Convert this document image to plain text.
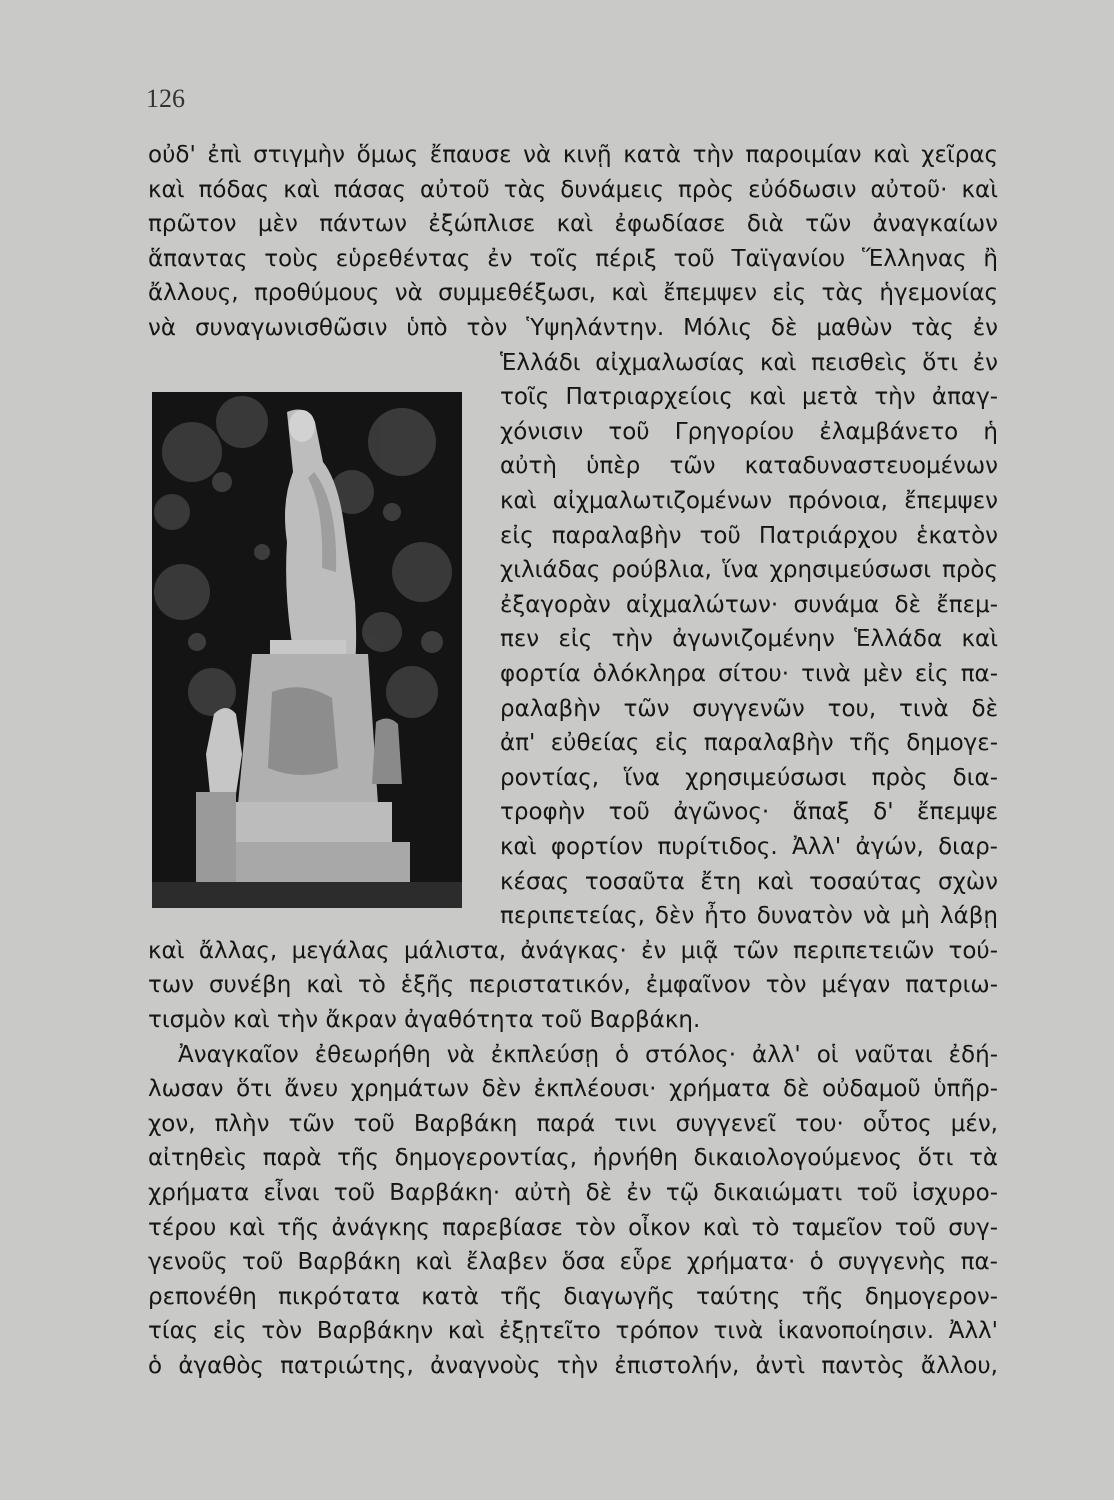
126
οὐδ' ἐπὶ στιγμὴν ὅμως ἔπαυσε νὰ κινῇ κατὰ τὴν παροιμίαν καὶ χεῖρας
καὶ πόδας καὶ πάσας αὐτοῦ τὰς δυνάμεις πρὸς εὐόδωσιν αὐτοῦ· καὶ
πρῶτον μὲν πάντων ἐξώπλισε καὶ ἐφωδίασε διὰ τῶν ἀναγκαίων
ἅπαντας τοὺς εὑρεθέντας ἐν τοῖς πέριξ τοῦ Ταϊγανίου Ἕλληνας ἢ
ἄλλους, προθύμους νὰ συμμεθέξωσι, καὶ ἔπεμψεν εἰς τὰς ἡγεμονίας
νὰ συναγωνισθῶσιν ὑπὸ τὸν Ὑψηλάντην. Μόλις δὲ μαθὼν τὰς ἐν
Ἑλλάδι αἰχμαλωσίας καὶ πεισθεὶς ὅτι ἐν
τοῖς Πατριαρχείοις καὶ μετὰ τὴν ἀπαγ-
χόνισιν τοῦ Γρηγορίου ἐλαμβάνετο ἡ
αὐτὴ ὑπὲρ τῶν καταδυναστευομένων
καὶ αἰχμαλωτιζομένων πρόνοια, ἔπεμψεν
εἰς παραλαβὴν τοῦ Πατριάρχου ἑκατὸν
χιλιάδας ρούβλια, ἵνα χρησιμεύσωσι πρὸς
ἐξαγορὰν αἰχμαλώτων· συνάμα δὲ ἔπεμ-
πεν εἰς τὴν ἀγωνιζομένην Ἑλλάδα καὶ
φορτία ὁλόκληρα σίτου· τινὰ μὲν εἰς πα-
ραλαβὴν τῶν συγγενῶν του, τινὰ δὲ
ἀπ' εὐθείας εἰς παραλαβὴν τῆς δημογε-
ροντίας, ἵνα χρησιμεύσωσι πρὸς δια-
τροφὴν τοῦ ἀγῶνος· ἅπαξ δ' ἔπεμψε
καὶ φορτίον πυρίτιδος. Ἀλλ' ἀγών, διαρ-
κέσας τοσαῦτα ἔτη καὶ τοσαύτας σχὼν
περιπετείας, δὲν ἦτο δυνατὸν νὰ μὴ λάβῃ
καὶ ἄλλας, μεγάλας μάλιστα, ἀνάγκας· ἐν μιᾷ τῶν περιπετειῶν τού-
των συνέβη καὶ τὸ ἑξῆς περιστατικόν, ἐμφαῖνον τὸν μέγαν πατριω-
τισμὸν καὶ τὴν ἄκραν ἀγαθότητα τοῦ Βαρβάκη.
Ἀναγκαῖον ἐθεωρήθη νὰ ἐκπλεύσῃ ὁ στόλος· ἀλλ' οἱ ναῦται ἐδή-
λωσαν ὅτι ἄνευ χρημάτων δὲν ἐκπλέουσι· χρήματα δὲ οὐδαμοῦ ὑπῆρ-
χον, πλὴν τῶν τοῦ Βαρβάκη παρά τινι συγγενεῖ του· οὗτος μέν,
αἰτηθεὶς παρὰ τῆς δημογεροντίας, ἠρνήθη δικαιολογούμενος ὅτι τὰ
χρήματα εἶναι τοῦ Βαρβάκη· αὐτὴ δὲ ἐν τῷ δικαιώματι τοῦ ἰσχυρο-
τέρου καὶ τῆς ἀνάγκης παρεβίασε τὸν οἶκον καὶ τὸ ταμεῖον τοῦ συγ-
γενοῦς τοῦ Βαρβάκη καὶ ἔλαβεν ὅσα εὗρε χρήματα· ὁ συγγενὴς πα-
ρεπονέθη πικρότατα κατὰ τῆς διαγωγῆς ταύτης τῆς δημογερον-
τίας εἰς τὸν Βαρβάκην καὶ ἐξῃτεῖτο τρόπον τινὰ ἱκανοποίησιν. Ἀλλ'
ὁ ἀγαθὸς πατριώτης, ἀναγνοὺς τὴν ἐπιστολήν, ἀντὶ παντὸς ἄλλου,
